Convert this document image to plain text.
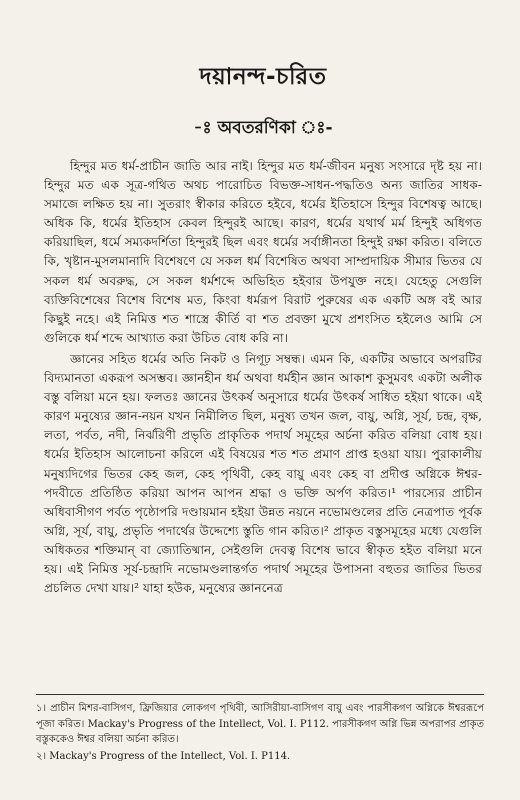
দয়ানন্দ-চরিত
-ঃ অবতরণিকা ঃ-

হিন্দুর মত ধর্ম-প্রাচীন জাতি আর নাই। হিন্দুর মত ধর্ম-জীবন মনুষ্য সংসারে দৃষ্ট হয় না। হিন্দুর মত এক সূত্র-গথিত অথচ পারোচিত বিভক্ত-সাধন-পদ্ধতিও অন্য জাতির সাধক-সমাজে লক্ষিত হয় না। সুতরাং স্বীকার করিতে হইবে, ধর্মের ইতিহাসে হিন্দুর বিশেষত্ব আছে। অধিক কি, ধর্মের ইতিহাস কেবল হিন্দুরই আছে। কারণ, ধর্মের যথার্থ মর্ম হিন্দুই অধিগত করিয়াছিল, ধর্মে সম্যকদর্শিতা হিন্দুরই ছিল এবং ধর্মের সর্বাঙ্গীনতা হিন্দুই রক্ষা করিত। বলিতে কি, খৃষ্টান-মুসলমানাদি বিশেষণে যে সকল ধর্ম বিশেষিত অথবা সাম্প্রদায়িক সীমার ভিতর যে সকল ধর্ম অবরুদ্ধ, সে সকল ধর্মশব্দে অভিহিত হইবার উপযুক্ত নহে। যেহেতু সেগুলি ব্যক্তিবিশেষের বিশেষ বিশেষ মত, কিংবা ধর্মরূপ বিরাট পুরুষের এক একটি অঙ্গ বই আর কিছুই নহে। এই নিমিত্ত শত শাস্ত্রে কীর্তি বা শত প্রবক্তা মুখে প্রশংসিত হইলেও আমি সে গুলিকে ধর্ম শব্দে আখ্যাত করা উচিত বোধ করি না।

জ্ঞানের সহিত ধর্মের অতি নিকট ও নিগূঢ় সম্বন্ধ। এমন কি, একটির অভাবে অপরটির বিদ্যমানতা একরূপ অসম্ভব। জ্ঞানহীন ধর্ম অথবা ধর্মহীন জ্ঞান আকাশ কুসুমবৎ একটা অলীক বস্তু বলিয়া মনে হয়। ফলতঃ জ্ঞানের উৎকর্ষ অনুসারে ধর্মের উৎকর্ষ সাধিত হইয়া থাকে। এই কারণ মনুষ্যের জ্ঞান-নয়ন যখন নিমীলিত ছিল, মনুষ্য তখন জল, বায়ু, অগ্নি, সূর্য, চন্দ্র, বৃক্ষ, লতা, পর্বত, নদী, নির্ঝরিণী প্রভৃতি প্রাকৃতিক পদার্থ সমূহের অর্চনা করিত বলিয়া বোধ হয়। ধর্মের ইতিহাস আলোচনা করিলে এই বিষয়ের শত শত প্রমাণ প্রাপ্ত হওয়া যায়। পুরাকালীয় মনুষ্যদিগের ভিতর কেহ জল, কেহ পৃথিবী, কেহ বায়ু এবং কেহ বা প্রদীপ্ত অগ্নিকে ঈশ্বর-পদবীতে প্রতিষ্ঠিত করিয়া আপন আপন শ্রদ্ধা ও ভক্তি অর্পণ করিত।¹ পারস্যের প্রাচীন অধিবাসীগণ পর্বত পৃষ্ঠোপরি দণ্ডায়মান হইয়া উন্নত নয়নে নভোমণ্ডলের প্রতি নেত্রপাত পূর্বক অগ্নি, সূর্য, বায়ু, প্রভৃতি পদার্থের উদ্দেশ্যে স্তুতি গান করিত।² প্রাকৃত বস্তুসমূহের মধ্যে যেগুলি অধিকতর শক্তিমান্ বা জ্যোতিষ্মান, সেইগুলি দেবত্ব বিশেষ ভাবে স্বীকৃত হইত বলিয়া মনে হয়। এই নিমিত্ত সূর্য-চন্দ্রাদি নভোমণ্ডলান্তর্গত পদার্থ সমূহের উপাসনা বহুতর জাতির ভিতর প্রচলিত দেখা যায়।² যাহা হউক, মনুষ্যের জ্ঞাননেত্র

১। প্রাচীন মিশর-বাসিগণ, ফ্রিজিয়ার লোকগণ পৃথিবী, আসিরীয়া-বাসিগণ বায়ু এবং পারসীকগণ অগ্নিকে ঈশ্বররূপে পূজা করিত। Mackay's Progress of the Intellect, Vol. I. P112. পারসীকগণ অগ্নি ভিন্ন অপরাপর প্রাকৃত বস্তুককেও ঈশ্বর বলিয়া অর্চনা করিত।

২। Mackay's Progress of the Intellect, Vol. I. P114.
